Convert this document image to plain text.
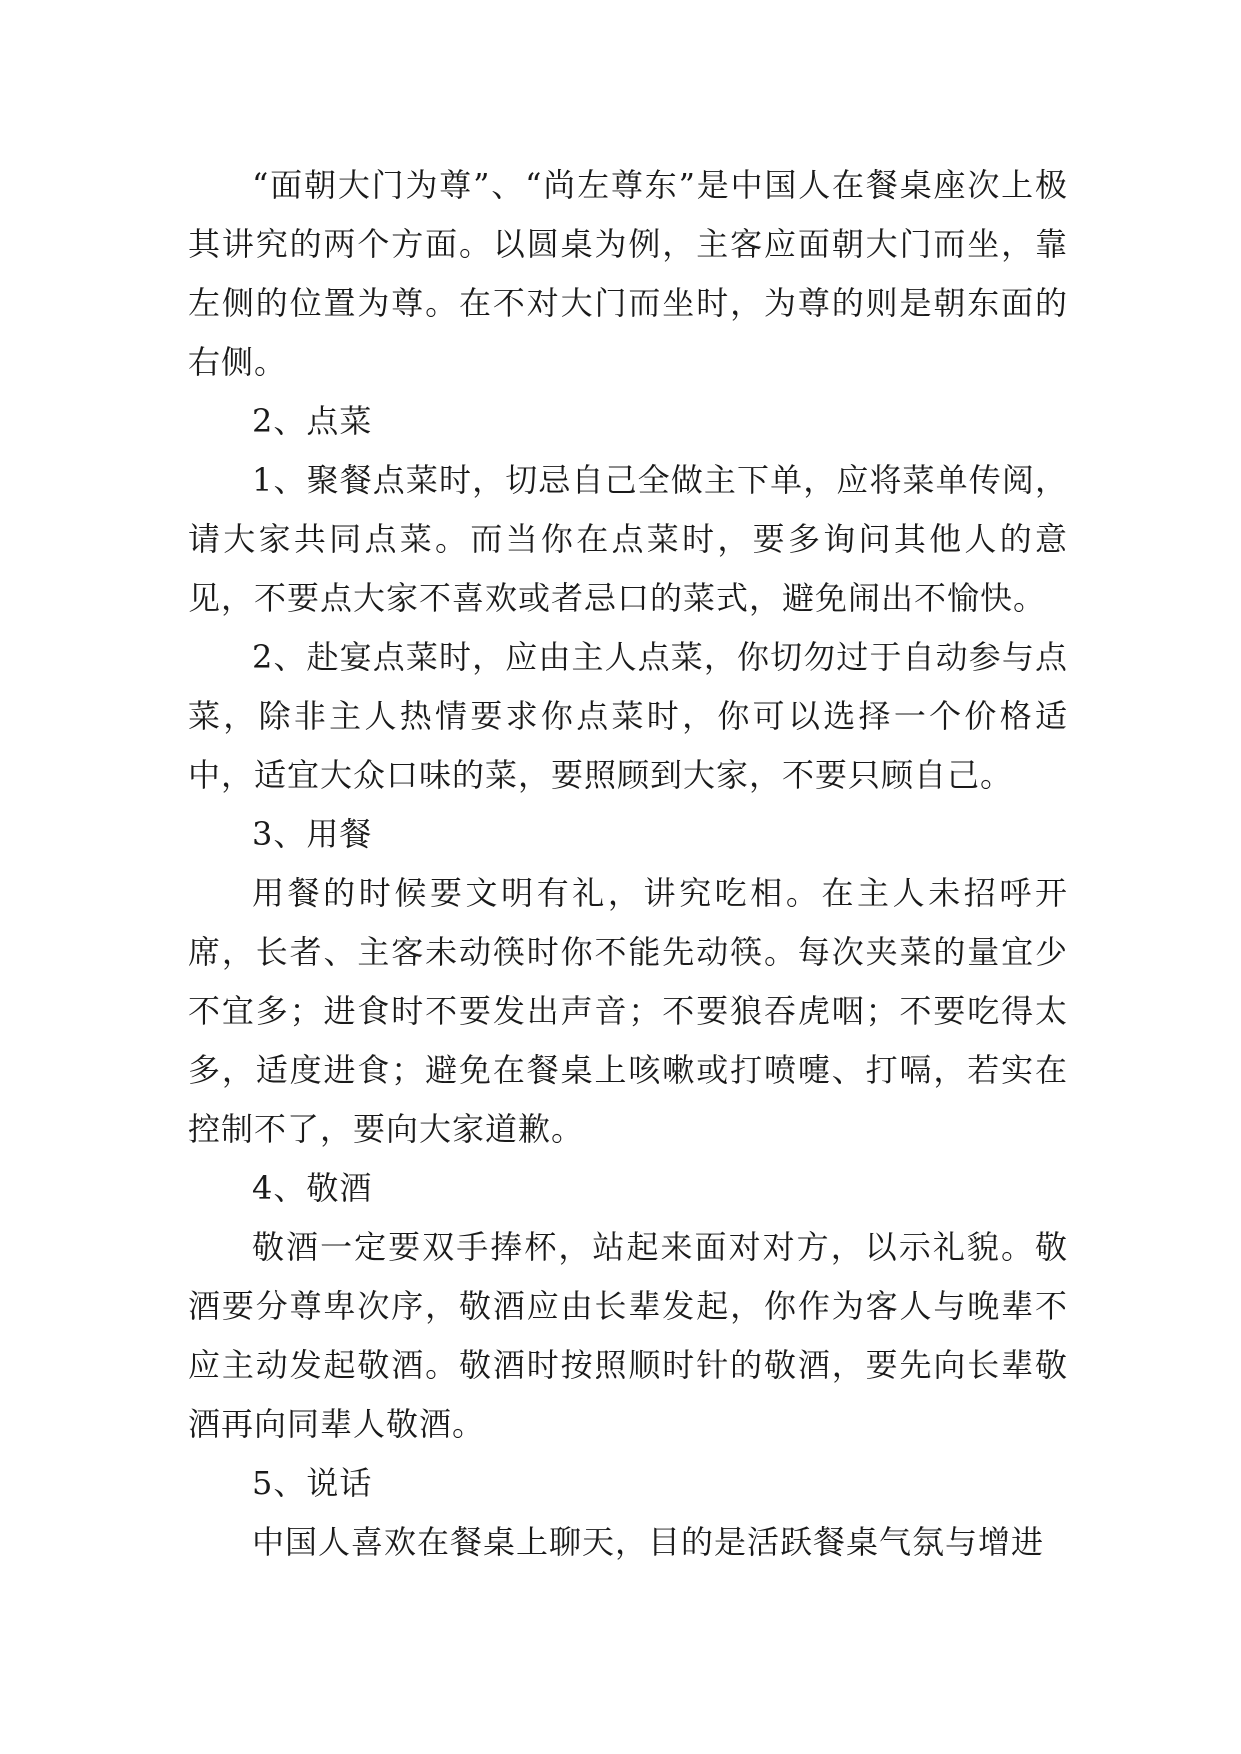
“面朝大门为尊”、“尚左尊东”是中国人在餐桌座次上极其讲究的两个方面。以圆桌为例，主客应面朝大门而坐，靠左侧的位置为尊。在不对大门而坐时，为尊的则是朝东面的右侧。

2、点菜

1、聚餐点菜时，切忌自己全做主下单，应将菜单传阅，请大家共同点菜。而当你在点菜时，要多询问其他人的意见，不要点大家不喜欢或者忌口的菜式，避免闹出不愉快。

2、赴宴点菜时，应由主人点菜，你切勿过于自动参与点菜，除非主人热情要求你点菜时，你可以选择一个价格适中，适宜大众口味的菜，要照顾到大家，不要只顾自己。

3、用餐

用餐的时候要文明有礼，讲究吃相。在主人未招呼开席，长者、主客未动筷时你不能先动筷。每次夹菜的量宜少不宜多；进食时不要发出声音；不要狼吞虎咽；不要吃得太多，适度进食；避免在餐桌上咳嗽或打喷嚏、打嗝，若实在控制不了，要向大家道歉。

4、敬酒

敬酒一定要双手捧杯，站起来面对对方，以示礼貌。敬酒要分尊卑次序，敬酒应由长辈发起，你作为客人与晚辈不应主动发起敬酒。敬酒时按照顺时针的敬酒，要先向长辈敬酒再向同辈人敬酒。

5、说话

中国人喜欢在餐桌上聊天，目的是活跃餐桌气氛与增进
